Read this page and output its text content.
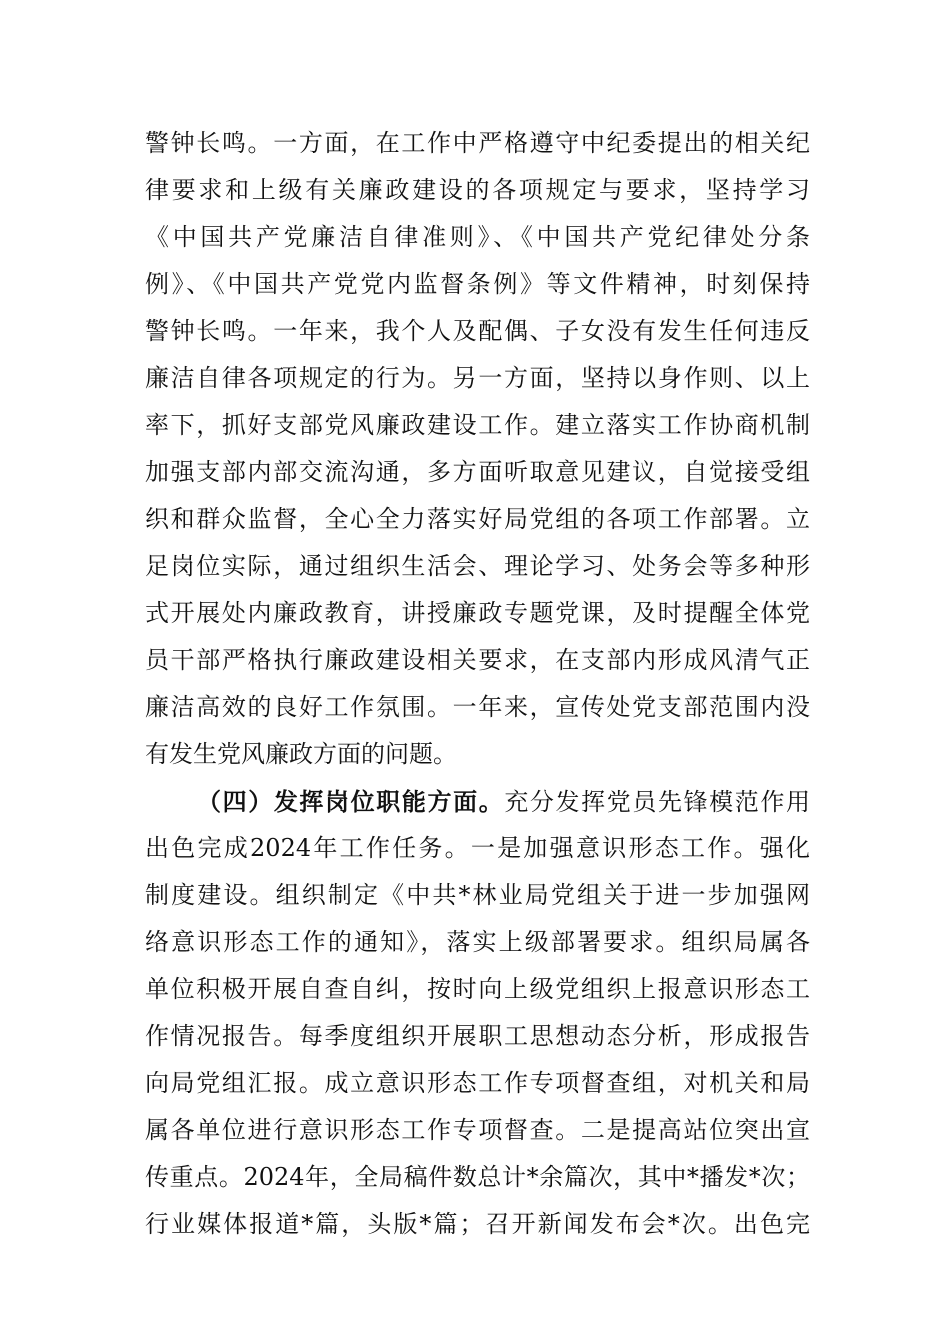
警钟长鸣。一方面，在工作中严格遵守中纪委提出的相关纪
律要求和上级有关廉政建设的各项规定与要求，坚持学习
《中国共产党廉洁自律准则》、《中国共产党纪律处分条
例》、《中国共产党党内监督条例》等文件精神，时刻保持
警钟长鸣。一年来，我个人及配偶、子女没有发生任何违反
廉洁自律各项规定的行为。另一方面，坚持以身作则、以上
率下，抓好支部党风廉政建设工作。建立落实工作协商机制
加强支部内部交流沟通，多方面听取意见建议，自觉接受组
织和群众监督，全心全力落实好局党组的各项工作部署。立
足岗位实际，通过组织生活会、理论学习、处务会等多种形
式开展处内廉政教育，讲授廉政专题党课，及时提醒全体党
员干部严格执行廉政建设相关要求，在支部内形成风清气正
廉洁高效的良好工作氛围。一年来，宣传处党支部范围内没
有发生党风廉政方面的问题。
（四）发挥岗位职能方面。充分发挥党员先锋模范作用
出色完成2024年工作任务。一是加强意识形态工作。强化
制度建设。组织制定《中共*林业局党组关于进一步加强网
络意识形态工作的通知》，落实上级部署要求。组织局属各
单位积极开展自查自纠，按时向上级党组织上报意识形态工
作情况报告。每季度组织开展职工思想动态分析，形成报告
向局党组汇报。成立意识形态工作专项督查组，对机关和局
属各单位进行意识形态工作专项督查。二是提高站位突出宣
传重点。2024年，全局稿件数总计*余篇次，其中*播发*次；
行业媒体报道*篇，头版*篇；召开新闻发布会*次。出色完
